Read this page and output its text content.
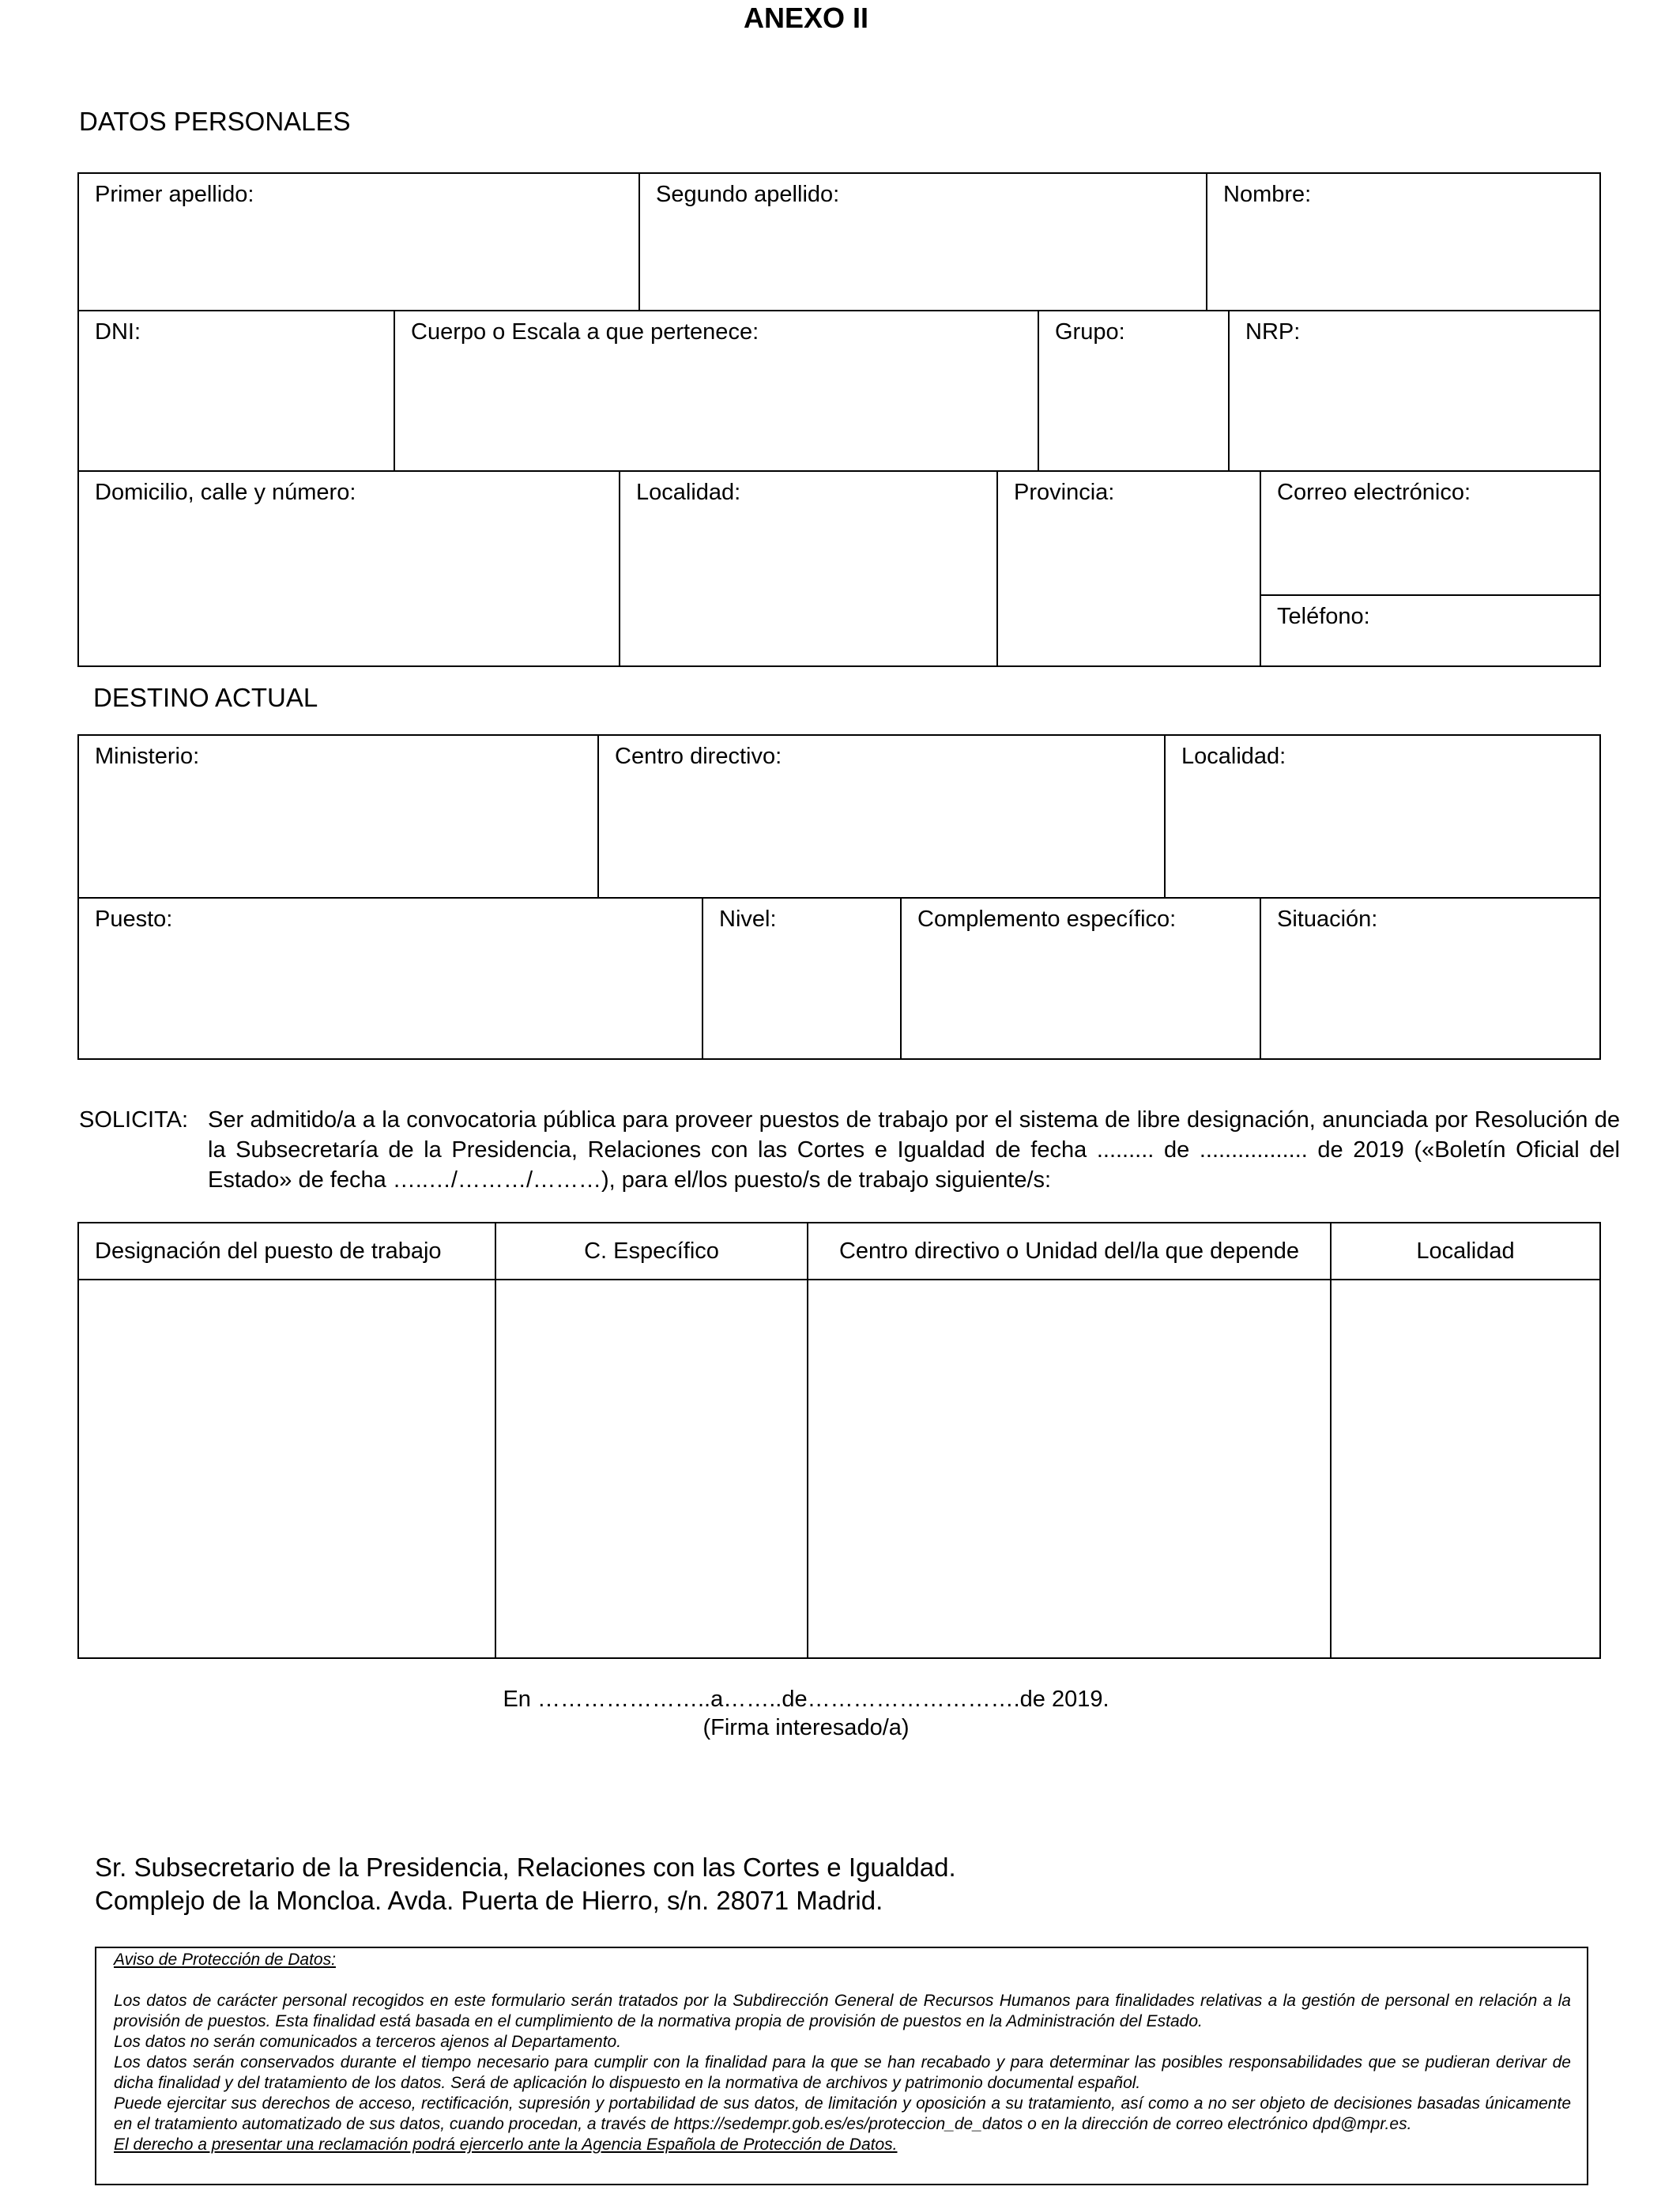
ANEXO II
DATOS PERSONALES
Primer apellido:	Segundo apellido:	Nombre:
DNI:	Cuerpo o Escala a que pertenece:	Grupo:	NRP:
Domicilio, calle y número:	Localidad:	Provincia:	Correo electrónico:
Teléfono:
DESTINO ACTUAL
Ministerio:	Centro directivo:	Localidad:
Puesto:	Nivel:	Complemento específico:	Situación:
SOLICITA: Ser admitido/a a la convocatoria pública para proveer puestos de trabajo por el sistema de libre designación, anunciada por Resolución de la Subsecretaría de la Presidencia, Relaciones con las Cortes e Igualdad de fecha ......... de ................. de 2019 («Boletín Oficial del Estado» de fecha …..…/………/………), para el/los puesto/s de trabajo siguiente/s:
Designación del puesto de trabajo	C. Específico	Centro directivo o Unidad del/la que depende	Localidad
En …………………..a……..de……………………….de 2019.
(Firma interesado/a)
Sr. Subsecretario de la Presidencia, Relaciones con las Cortes e Igualdad.
Complejo de la Moncloa. Avda. Puerta de Hierro, s/n. 28071 Madrid.

Aviso de Protección de Datos:

Los datos de carácter personal recogidos en este formulario serán tratados por la Subdirección General de Recursos Humanos para finalidades relativas a la gestión de personal en relación a la provisión de puestos. Esta finalidad está basada en el cumplimiento de la normativa propia de provisión de puestos en la Administración del Estado.

Los datos no serán comunicados a terceros ajenos al Departamento.

Los datos serán conservados durante el tiempo necesario para cumplir con la finalidad para la que se han recabado y para determinar las posibles responsabilidades que se pudieran derivar de dicha finalidad y del tratamiento de los datos. Será de aplicación lo dispuesto en la normativa de archivos y patrimonio documental español.

Puede ejercitar sus derechos de acceso, rectificación, supresión y portabilidad de sus datos, de limitación y oposición a su tratamiento, así como a no ser objeto de decisiones basadas únicamente en el tratamiento automatizado de sus datos, cuando procedan, a través de https://sedempr.gob.es/es/proteccion_de_datos o en la dirección de correo electrónico dpd@mpr.es.

El derecho a presentar una reclamación podrá ejercerlo ante la Agencia Española de Protección de Datos.
